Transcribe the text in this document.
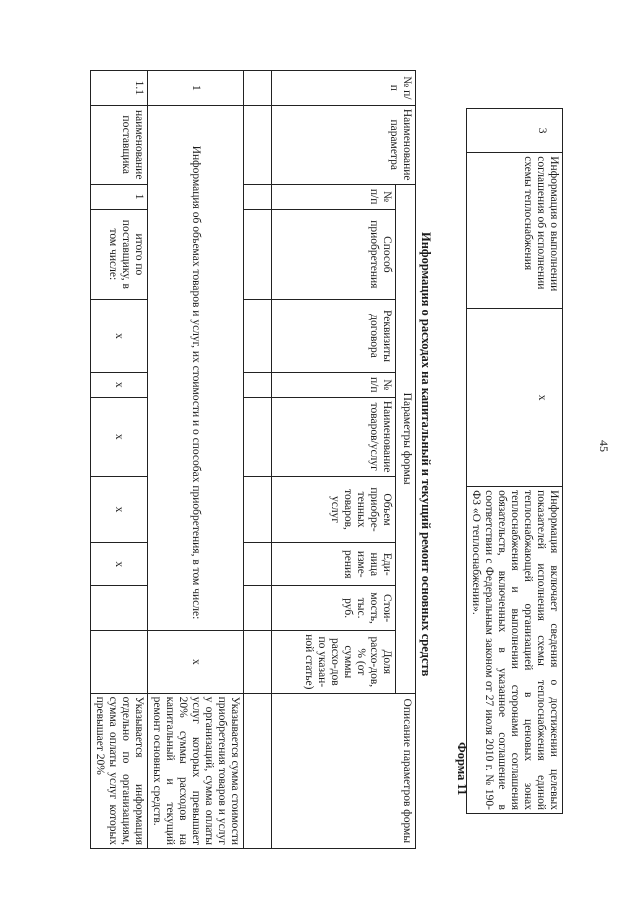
45
3	Информация о выполнении соглашения об исполнении схемы теплоснабжения	x	Информация включает сведения о достижении целевых показателей исполнения схемы теплоснабжения единой теплоснабжающей организацией в ценовых зонах теплоснабжения и выполнении сторонами соглашения обязательств, включенных в указанное соглашение в соответствии с Федеральным законом от 27 июля 2010 г. № 190-ФЗ «О теплоснабжении».
Форма 11
Информация о расходах на капитальный и текущий ремонт основных средств
№ п/п	Наименование параметра	Параметры формы									Описание параметров формы
		№ п/п	Способ приобретения	Реквизиты договора	№ п/п	Наименование товаров/услуг	Объем приобре-тенных товаров, услуг	Еди-ница изме-рения	Стои-мость, тыс. руб.	Доля расхо-дов, % (от суммы расхо-дов по указан-ной статье)	

1	Информация об объемах товаров и услуг, их стоимости и о способах приобретения, в том числе:									x	Указывается сумма стоимости приобретения товаров и услуг у организаций, сумма оплаты услуг которых превышает 20% суммы расходов на капитальный и текущий ремонт основных средств.
1.1	наименование поставщика	1	итого по поставщику, в том числе:	x	x	x	x	x			Указывается информация отдельно по организациям, сумма оплаты услуг которых превышает 20%
